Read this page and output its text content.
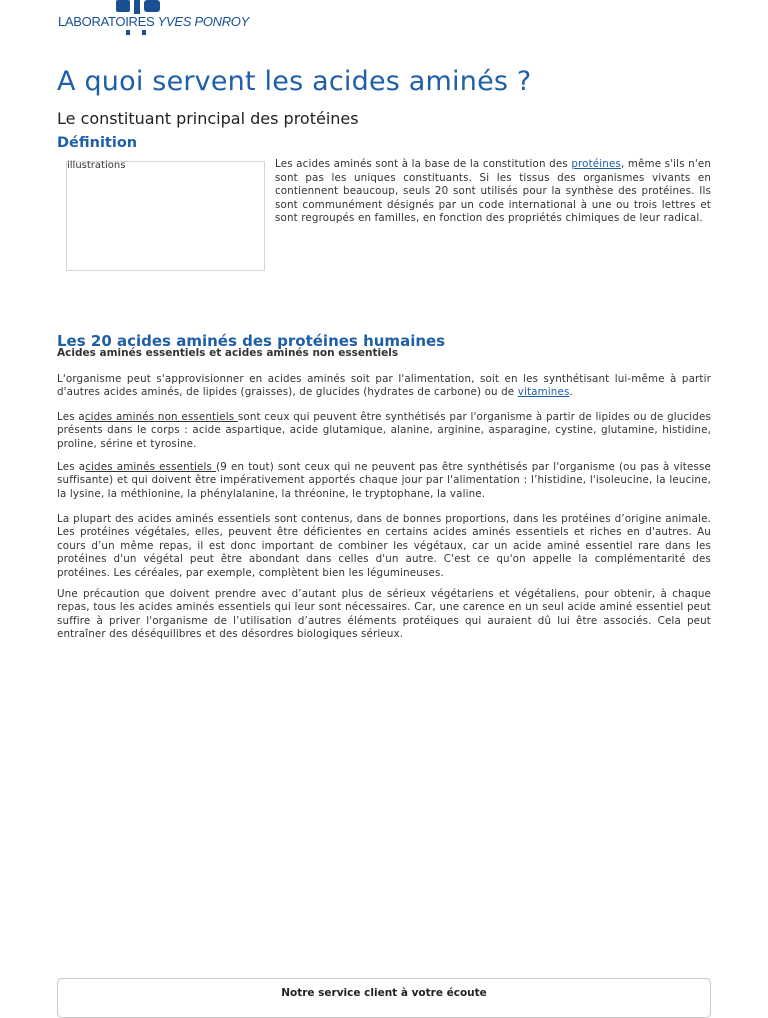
LABORATOIRES YVES PONROY
A quoi servent les acides aminés ?
Le constituant principal des protéines
Définition
illustrations	Les acides aminés sont à la base de la constitution des protéines, même s'ils n'en sont pas les uniques constituants. Si les tissus des organismes vivants en contiennent beaucoup, seuls 20 sont utilisés pour la synthèse des protéines. Ils sont communément désignés par un code international à une ou trois lettres et sont regroupés en familles, en fonction des propriétés chimiques de leur radical.

Les 20 acides aminés des protéines humaines
Acides aminés essentiels et acides aminés non essentiels

L'organisme peut s'approvisionner en acides aminés soit par l'alimentation, soit en les synthétisant lui-même à partir d'autres acides aminés, de lipides (graisses), de glucides (hydrates de carbone) ou de vitamines.

Les acides aminés non essentiels sont ceux qui peuvent être synthétisés par l'organisme à partir de lipides ou de glucides présents dans le corps : acide aspartique, acide glutamique, alanine, arginine, asparagine, cystine, glutamine, histidine, proline, sérine et tyrosine.

Les acides aminés essentiels (9 en tout) sont ceux qui ne peuvent pas être synthétisés par l'organisme (ou pas à vitesse suffisante) et qui doivent être impérativement apportés chaque jour par l'alimentation : l’histidine, l'isoleucine, la leucine, la lysine, la méthionine, la phénylalanine, la thréonine, le tryptophane, la valine.

La plupart des acides aminés essentiels sont contenus, dans de bonnes proportions, dans les protéines d’origine animale. Les protéines végétales, elles, peuvent être déficientes en certains acides aminés essentiels et riches en d'autres. Au cours d’un même repas, il est donc important de combiner les végétaux, car un acide aminé essentiel rare dans les protéines d'un végétal peut être abondant dans celles d'un autre. C'est ce qu'on appelle la complémentarité des protéines. Les céréales, par exemple, complètent bien les légumineuses.

Une précaution que doivent prendre avec d’autant plus de sérieux végétariens et végétaliens, pour obtenir, à chaque repas, tous les acides aminés essentiels qui leur sont nécessaires. Car, une carence en un seul acide aminé essentiel peut suffire à priver l'organisme de l’utilisation d’autres éléments protéiques qui auraient dû lui être associés. Cela peut entraîner des déséquilibres et des désordres biologiques sérieux.

Notre service client à votre écoute
